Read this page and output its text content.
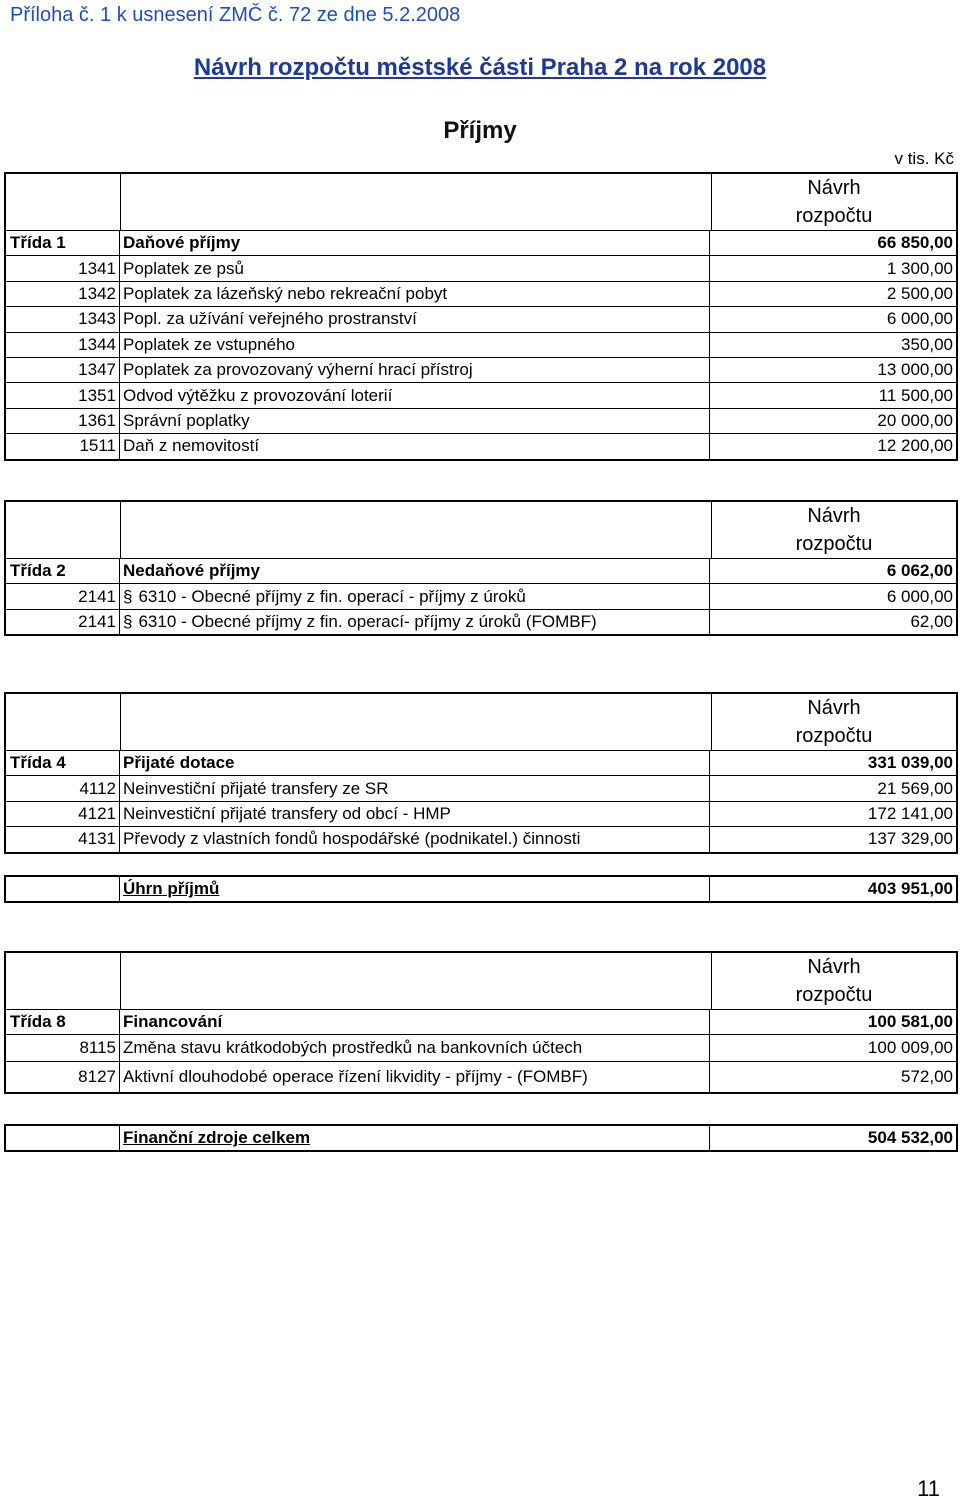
Příloha č. 1 k usnesení ZMČ č. 72 ze dne 5.2.2008
Návrh rozpočtu městské části Praha 2 na rok 2008
Příjmy
v tis. Kč
Návrh
rozpočtu
Třída 1	Daňové příjmy	66 850,00
1341 Poplatek ze psů	1 300,00
1342 Poplatek za lázeňský nebo rekreační pobyt	2 500,00
1343 Popl. za užívání veřejného prostranství	6 000,00
1344 Poplatek ze vstupného	350,00
1347 Poplatek za provozovaný výherní hrací přístroj	13 000,00
1351 Odvod výtěžku z provozování loterií	11 500,00
1361 Správní poplatky	20 000,00
1511 Daň z nemovitostí	12 200,00
Návrh
rozpočtu
Třída 2	Nedaňové příjmy	6 062,00
2141 § 6310 - Obecné příjmy z fin. operací - příjmy z úroků	6 000,00
2141 § 6310 - Obecné příjmy z fin. operací- příjmy z úroků (FOMBF)	62,00
Návrh
rozpočtu
Třída 4	Přijaté dotace	331 039,00
4112 Neinvestiční přijaté transfery ze SR	21 569,00
4121 Neinvestiční přijaté transfery od obcí - HMP	172 141,00
4131 Převody z vlastních fondů hospodářské (podnikatel.) činnosti	137 329,00
Úhrn příjmů	403 951,00
Návrh
rozpočtu
Třída 8	Financování	100 581,00
8115 Změna stavu krátkodobých prostředků na bankovních účtech	100 009,00
8127 Aktivní dlouhodobé operace řízení likvidity - příjmy - (FOMBF)	572,00
Finanční zdroje celkem	504 532,00
11
